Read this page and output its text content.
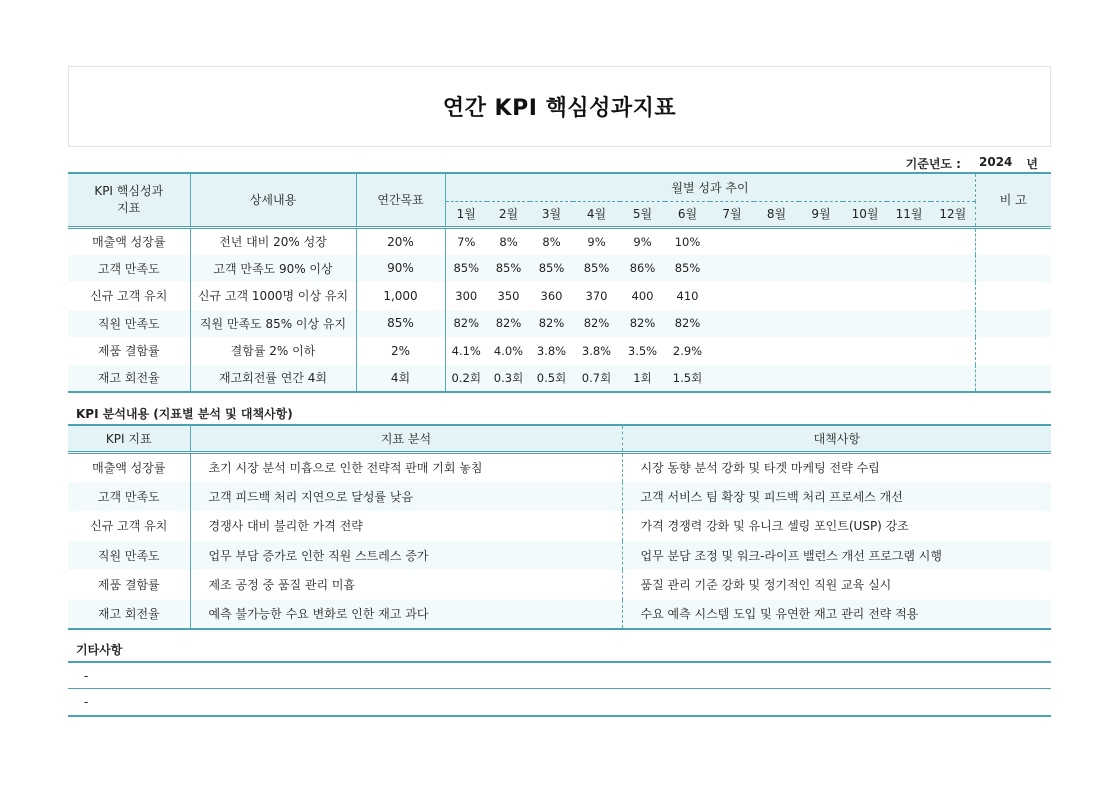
연간 KPI 핵심성과지표
기준년도 : 2024 년
KPI 핵심성과지표	상세내용	연간목표	월별 성과 추이												비 고
			1월	2월	3월	4월	5월	6월	7월	8월	9월	10월	11월	12월	
매출액 성장률	전년 대비 20% 성장	20%	7%	8%	8%	9%	9%	10%							
고객 만족도	고객 만족도 90% 이상	90%	85%	85%	85%	85%	86%	85%							
신규 고객 유치	신규 고객 1000명 이상 유치	1,000	300	350	360	370	400	410							
직원 만족도	직원 만족도 85% 이상 유지	85%	82%	82%	82%	82%	82%	82%							
제품 결함률	결함률 2% 이하	2%	4.1%	4.0%	3.8%	3.8%	3.5%	2.9%							
재고 회전율	재고회전률 연간 4회	4회	0.2회	0.3회	0.5회	0.7회	1회	1.5회							
KPI 분석내용 (지표별 분석 및 대책사항)
KPI 지표	지표 분석	대책사항
매출액 성장률	초기 시장 분석 미흡으로 인한 전략적 판매 기회 놓침	시장 동향 분석 강화 및 타겟 마케팅 전략 수립
고객 만족도	고객 피드백 처리 지연으로 달성률 낮음	고객 서비스 팀 확장 및 피드백 처리 프로세스 개선
신규 고객 유치	경쟁사 대비 불리한 가격 전략	가격 경쟁력 강화 및 유니크 셀링 포인트(USP) 강조
직원 만족도	업무 부담 증가로 인한 직원 스트레스 증가	업무 분담 조정 및 워크-라이프 밸런스 개선 프로그램 시행
제품 결함률	제조 공정 중 품질 관리 미흡	품질 관리 기준 강화 및 정기적인 직원 교육 실시
재고 회전율	예측 불가능한 수요 변화로 인한 재고 과다	수요 예측 시스템 도입 및 유연한 재고 관리 전략 적용
기타사항
-
-
